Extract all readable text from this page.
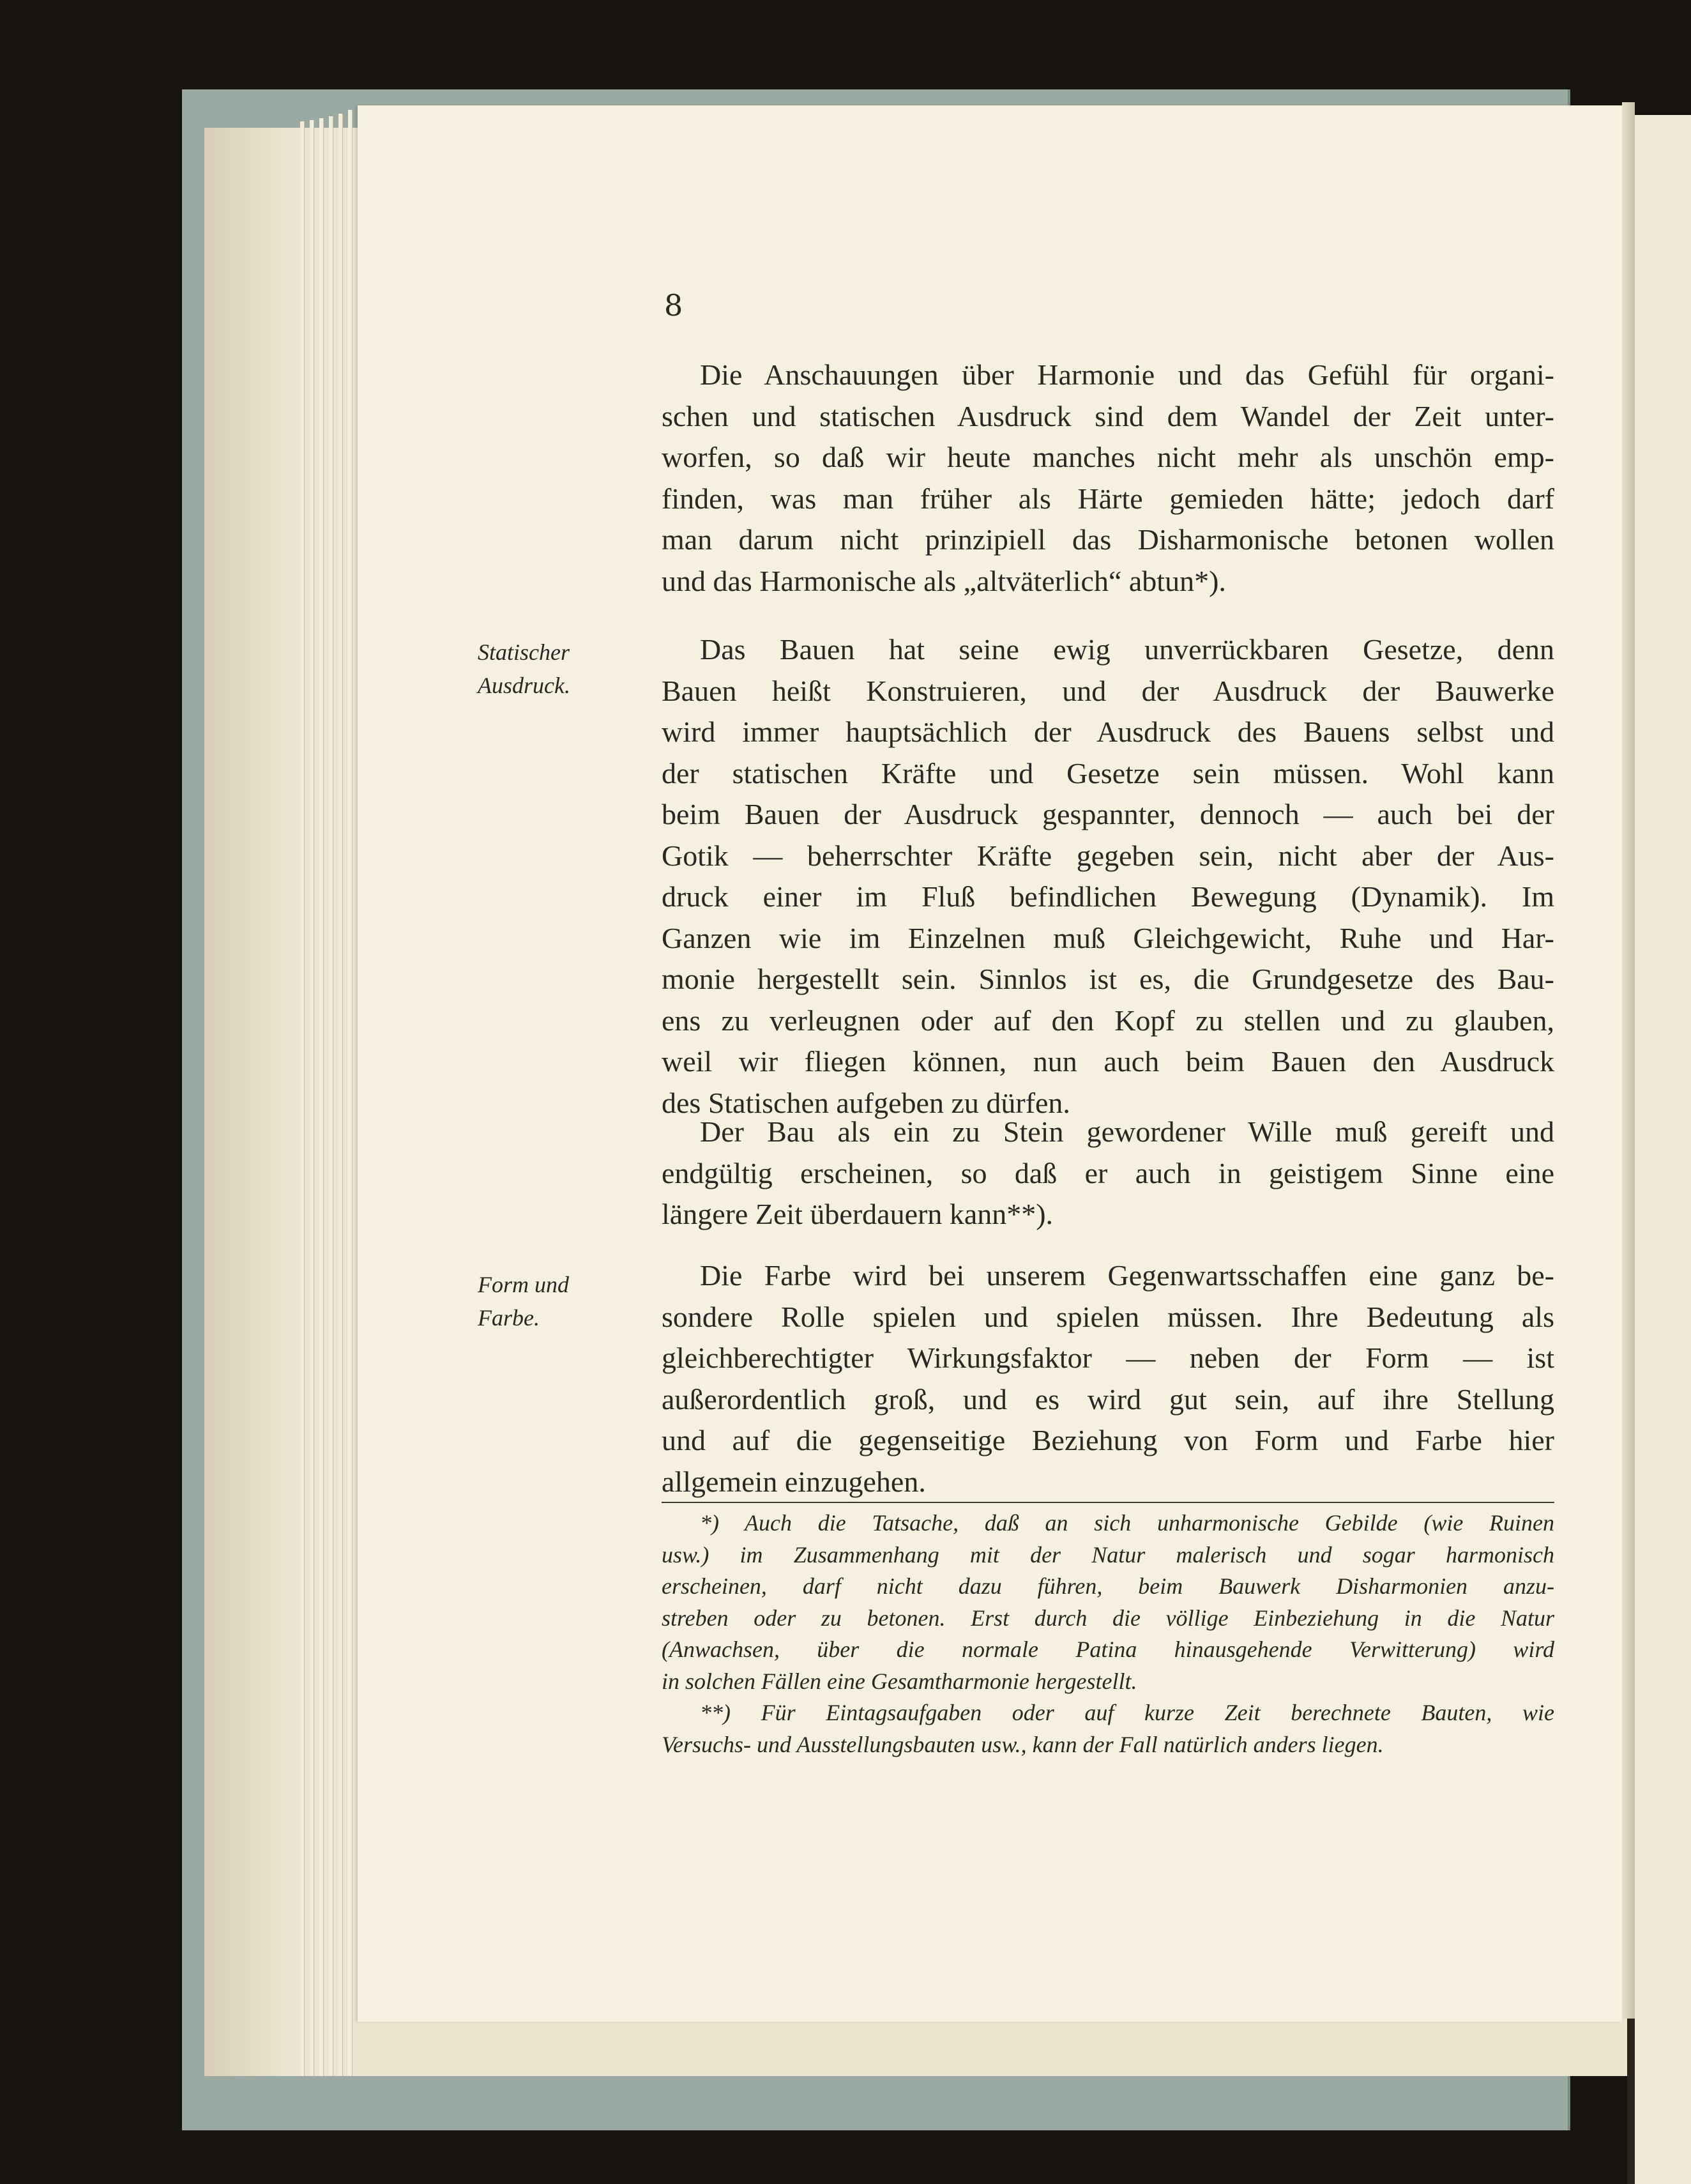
8
Die Anschauungen über Harmonie und das Gefühl für organi-
schen und statischen Ausdruck sind dem Wandel der Zeit unter-
worfen, so daß wir heute manches nicht mehr als unschön emp-
finden, was man früher als Härte gemieden hätte; jedoch darf
man darum nicht prinzipiell das Disharmonische betonen wollen
und das Harmonische als „altväterlich“ abtun*).
Statischer
Ausdruck.
Das Bauen hat seine ewig unverrückbaren Gesetze, denn
Bauen heißt Konstruieren, und der Ausdruck der Bauwerke
wird immer hauptsächlich der Ausdruck des Bauens selbst und
der statischen Kräfte und Gesetze sein müssen. Wohl kann
beim Bauen der Ausdruck gespannter, dennoch — auch bei der
Gotik — beherrschter Kräfte gegeben sein, nicht aber der Aus-
druck einer im Fluß befindlichen Bewegung (Dynamik). Im
Ganzen wie im Einzelnen muß Gleichgewicht, Ruhe und Har-
monie hergestellt sein. Sinnlos ist es, die Grundgesetze des Bau-
ens zu verleugnen oder auf den Kopf zu stellen und zu glauben,
weil wir fliegen können, nun auch beim Bauen den Ausdruck
des Statischen aufgeben zu dürfen.
Der Bau als ein zu Stein gewordener Wille muß gereift und
endgültig erscheinen, so daß er auch in geistigem Sinne eine
längere Zeit überdauern kann**).
Form und
Farbe.
Die Farbe wird bei unserem Gegenwartsschaffen eine ganz be-
sondere Rolle spielen und spielen müssen. Ihre Bedeutung als
gleichberechtigter Wirkungsfaktor — neben der Form — ist
außerordentlich groß, und es wird gut sein, auf ihre Stellung
und auf die gegenseitige Beziehung von Form und Farbe hier
allgemein einzugehen.
*) Auch die Tatsache, daß an sich unharmonische Gebilde (wie Ruinen
usw.) im Zusammenhang mit der Natur malerisch und sogar harmonisch
erscheinen, darf nicht dazu führen, beim Bauwerk Disharmonien anzu-
streben oder zu betonen. Erst durch die völlige Einbeziehung in die Natur
(Anwachsen, über die normale Patina hinausgehende Verwitterung) wird
in solchen Fällen eine Gesamtharmonie hergestellt.
**) Für Eintagsaufgaben oder auf kurze Zeit berechnete Bauten, wie
Versuchs- und Ausstellungsbauten usw., kann der Fall natürlich anders liegen.
